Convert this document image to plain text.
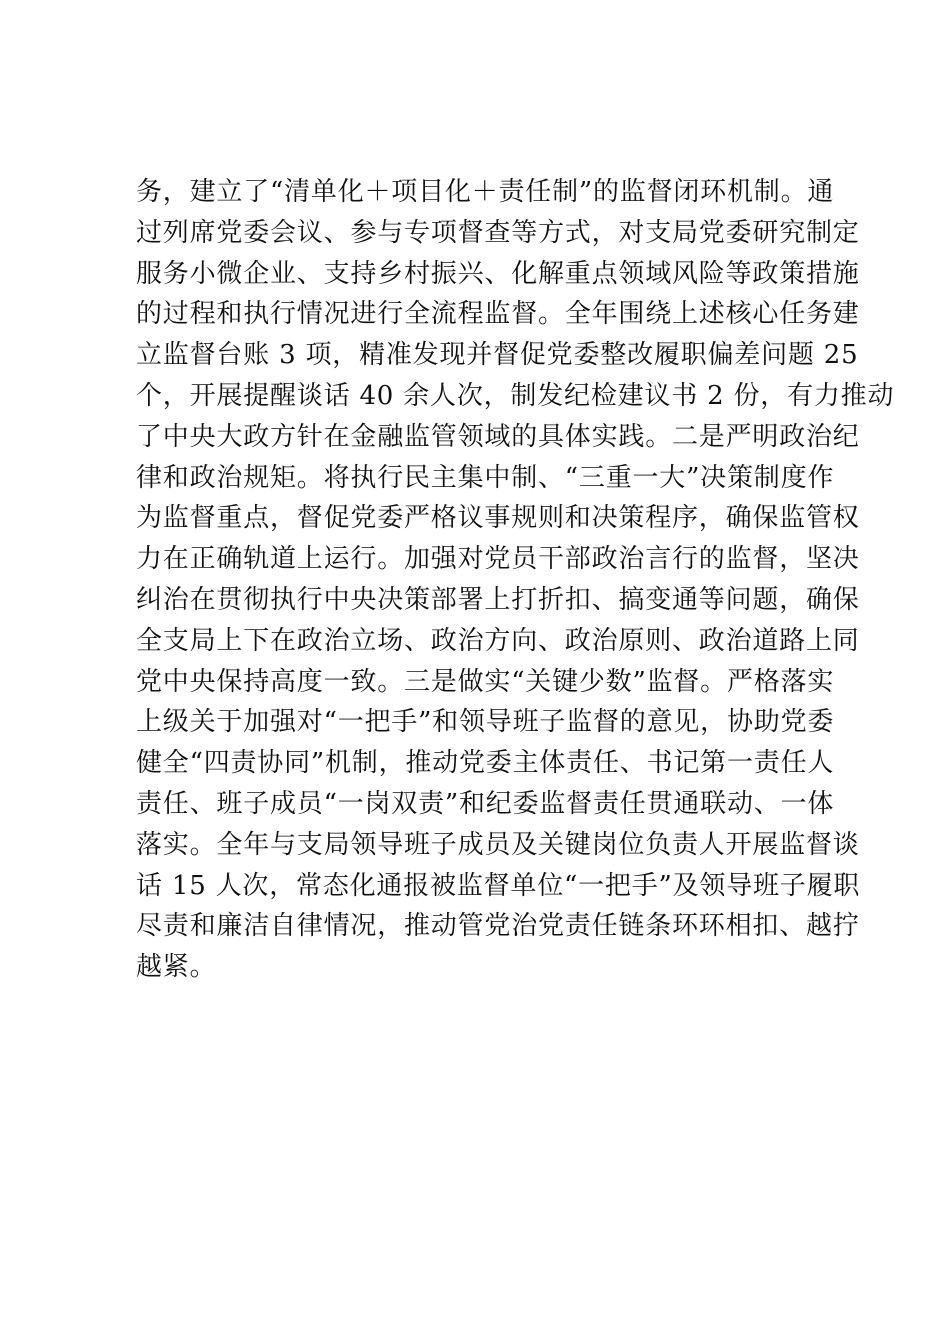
务，建立了“清单化＋项目化＋责任制”的监督闭环机制。通
过列席党委会议、参与专项督查等方式，对支局党委研究制定
服务小微企业、支持乡村振兴、化解重点领域风险等政策措施
的过程和执行情况进行全流程监督。全年围绕上述核心任务建
立监督台账 3 项，精准发现并督促党委整改履职偏差问题 25
个，开展提醒谈话 40 余人次，制发纪检建议书 2 份，有力推动
了中央大政方针在金融监管领域的具体实践。二是严明政治纪
律和政治规矩。将执行民主集中制、“三重一大”决策制度作
为监督重点，督促党委严格议事规则和决策程序，确保监管权
力在正确轨道上运行。加强对党员干部政治言行的监督，坚决
纠治在贯彻执行中央决策部署上打折扣、搞变通等问题，确保
全支局上下在政治立场、政治方向、政治原则、政治道路上同
党中央保持高度一致。三是做实“关键少数”监督。严格落实
上级关于加强对“一把手”和领导班子监督的意见，协助党委
健全“四责协同”机制，推动党委主体责任、书记第一责任人
责任、班子成员“一岗双责”和纪委监督责任贯通联动、一体
落实。全年与支局领导班子成员及关键岗位负责人开展监督谈
话 15 人次，常态化通报被监督单位“一把手”及领导班子履职
尽责和廉洁自律情况，推动管党治党责任链条环环相扣、越拧
越紧。
